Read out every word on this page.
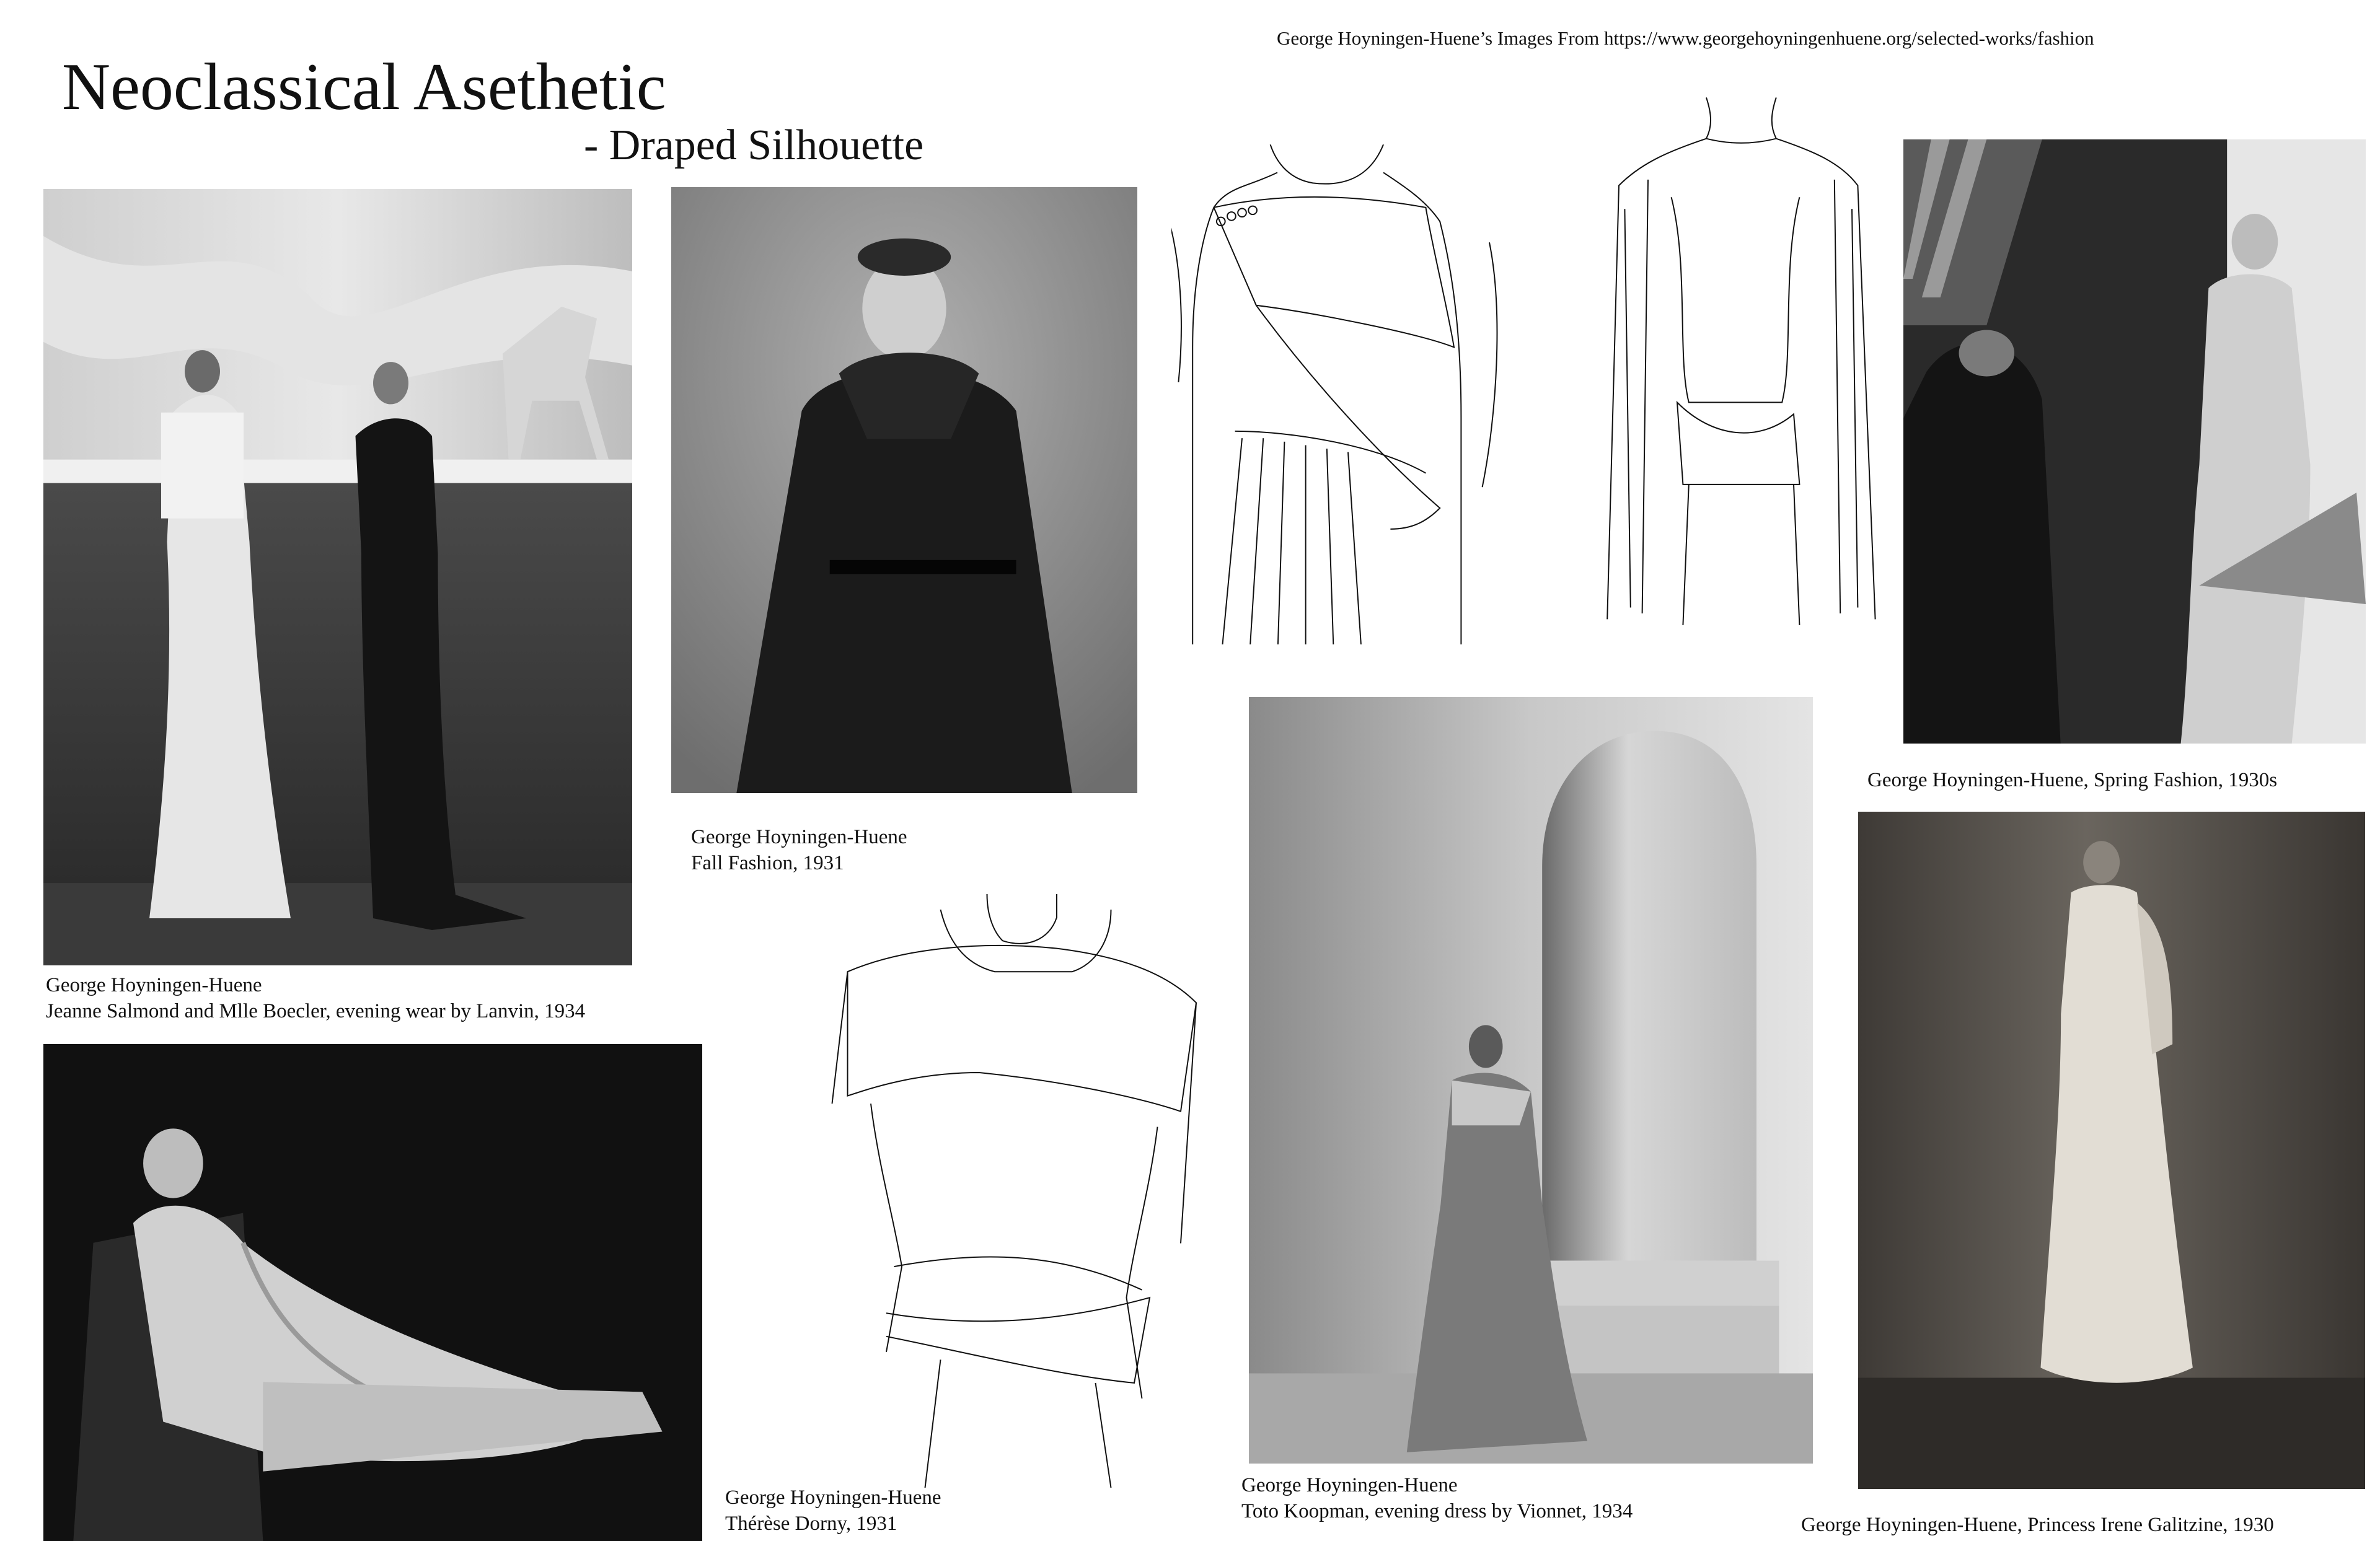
Neoclassical Asethetic
- Draped Silhouette
George Hoyningen-Huene’s Images From https://www.georgehoyningenhuene.org/selected-works/fashion
George Hoyningen-Huene
Jeanne Salmond and Mlle Boecler, evening wear by Lanvin, 1934
George Hoyningen-Huene
Fall Fashion, 1931
George Hoyningen-Huene, Spring Fashion, 1930s
George Hoyningen-Huene
Thérèse Dorny, 1931
George Hoyningen-Huene
Toto Koopman, evening dress by Vionnet, 1934
George Hoyningen-Huene, Princess Irene Galitzine, 1930
